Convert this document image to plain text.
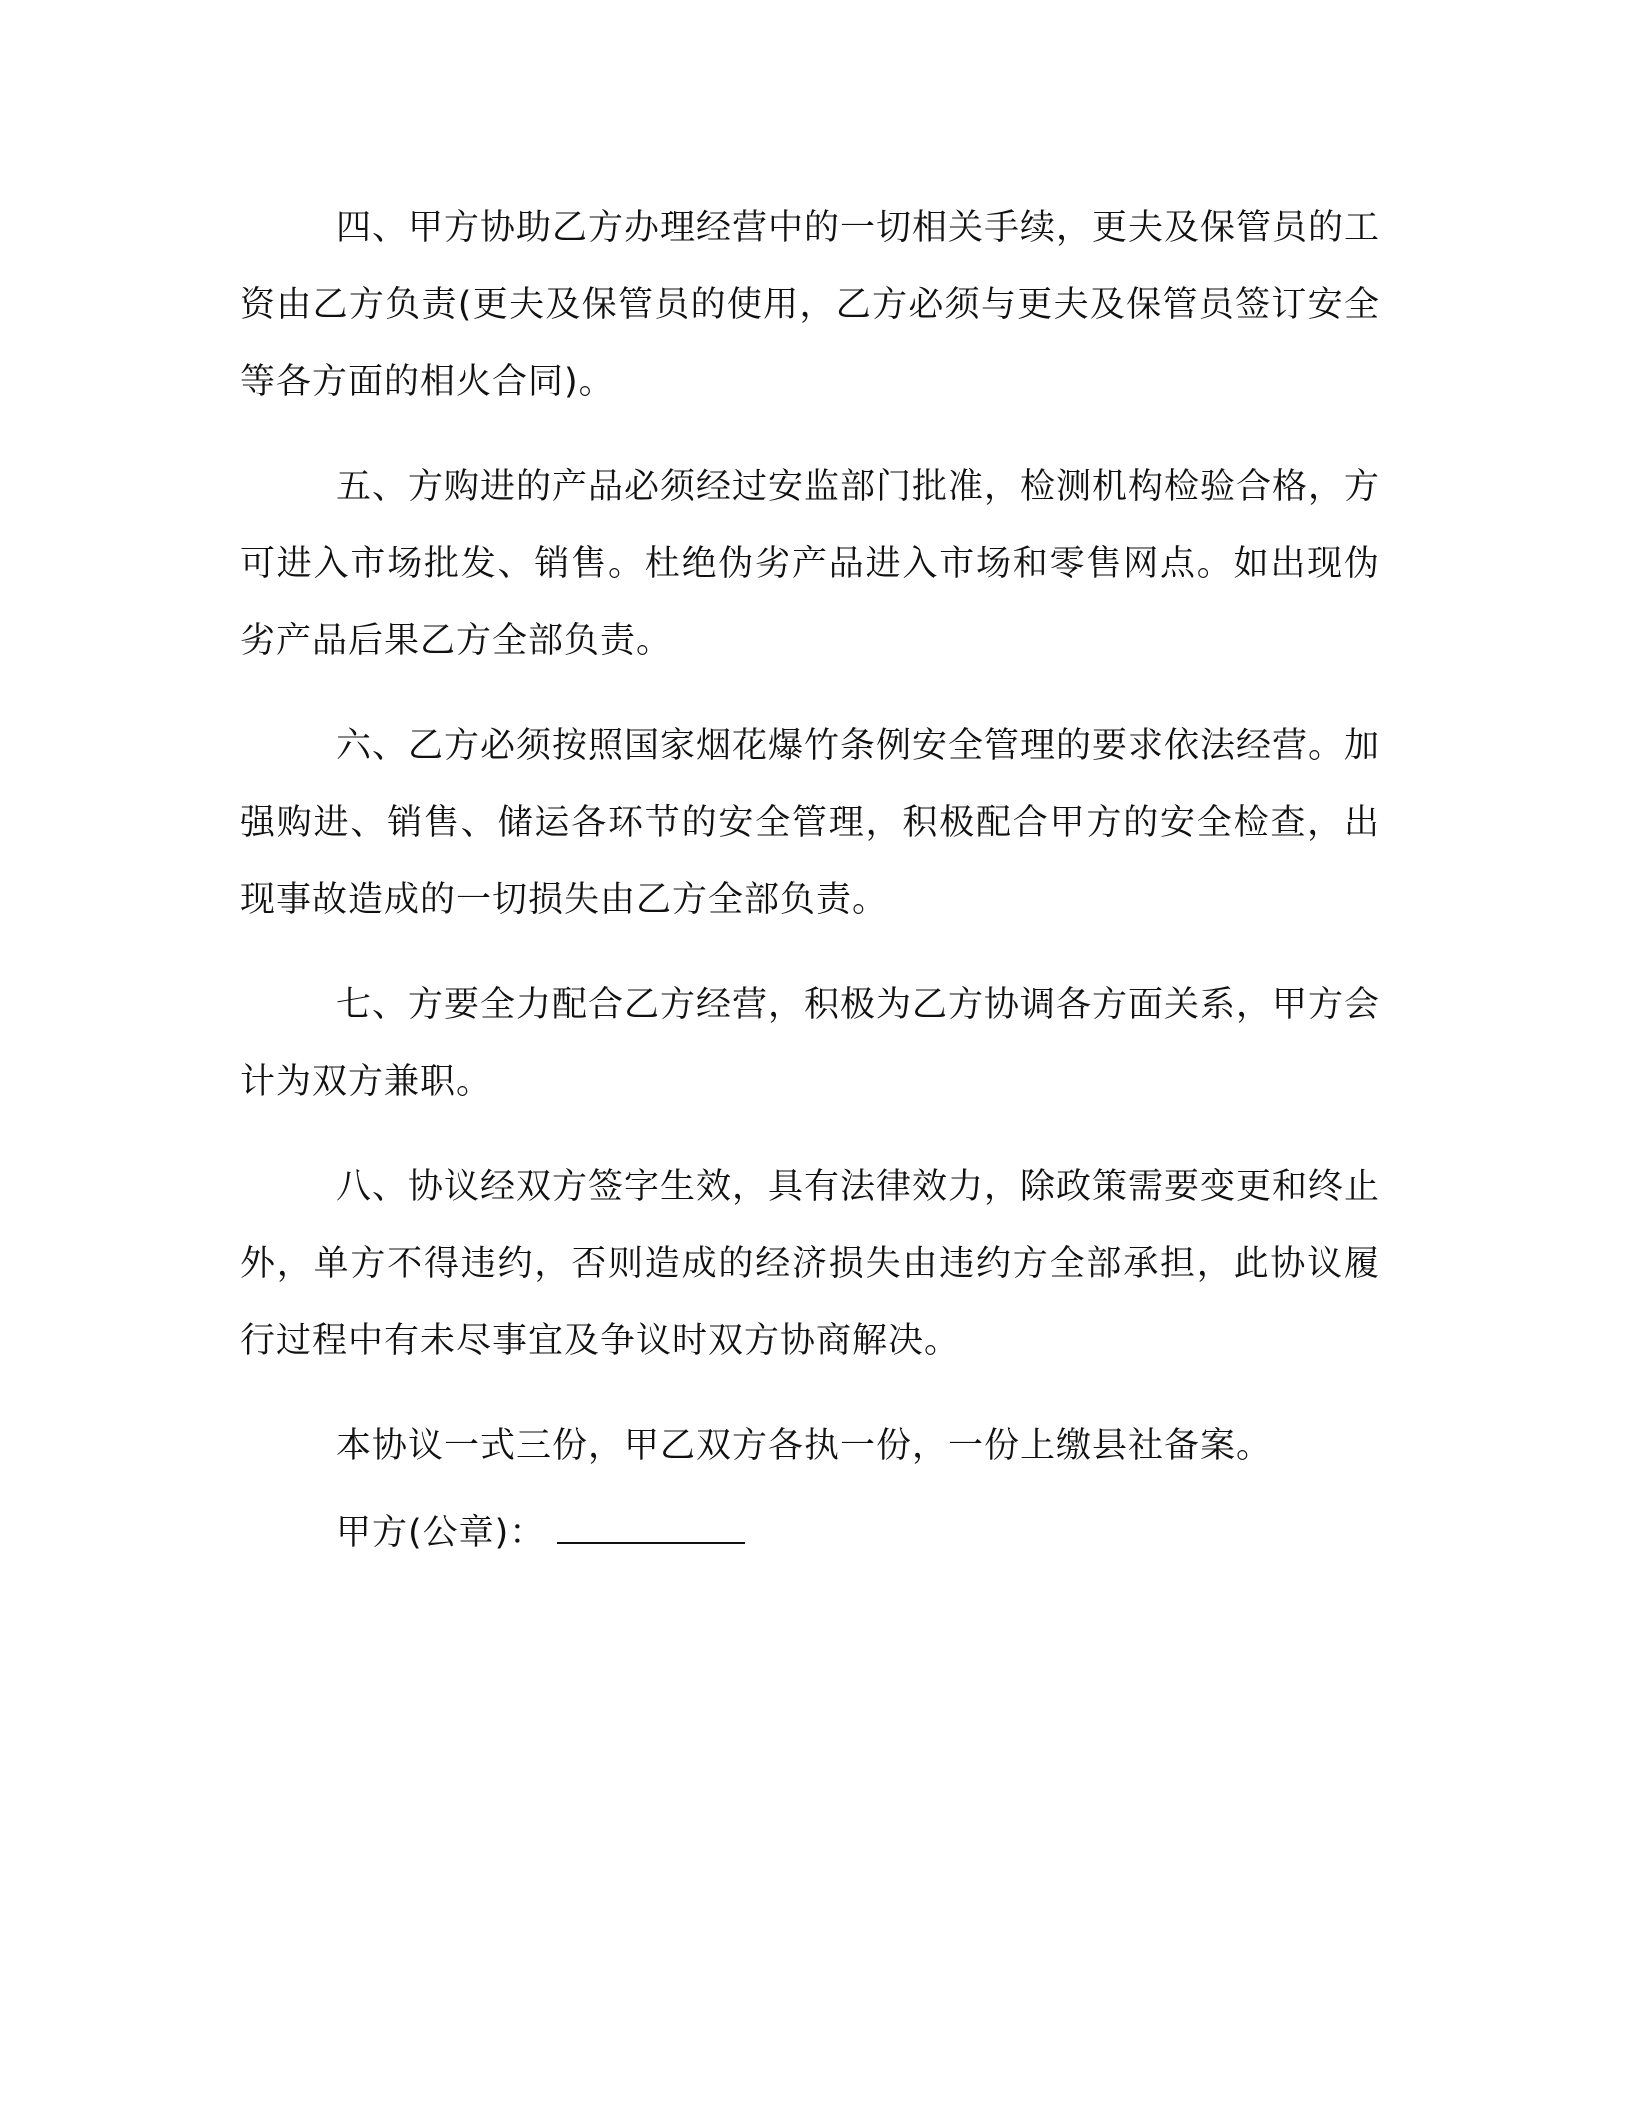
四、甲方协助乙方办理经营中的一切相关手续，更夫及保管员的工资由乙方负责(更夫及保管员的使用，乙方必须与更夫及保管员签订安全等各方面的相火合同)。

五、方购进的产品必须经过安监部门批准，检测机构检验合格，方可进入市场批发、销售。杜绝伪劣产品进入市场和零售网点。如出现伪劣产品后果乙方全部负责。

六、乙方必须按照国家烟花爆竹条例安全管理的要求依法经营。加强购进、销售、储运各环节的安全管理，积极配合甲方的安全检查，出现事故造成的一切损失由乙方全部负责。

七、方要全力配合乙方经营，积极为乙方协调各方面关系，甲方会计为双方兼职。

八、协议经双方签字生效，具有法律效力，除政策需要变更和终止外，单方不得违约，否则造成的经济损失由违约方全部承担，此协议履行过程中有未尽事宜及争议时双方协商解决。

本协议一式三份，甲乙双方各执一份，一份上缴县社备案。

甲方(公章)：
